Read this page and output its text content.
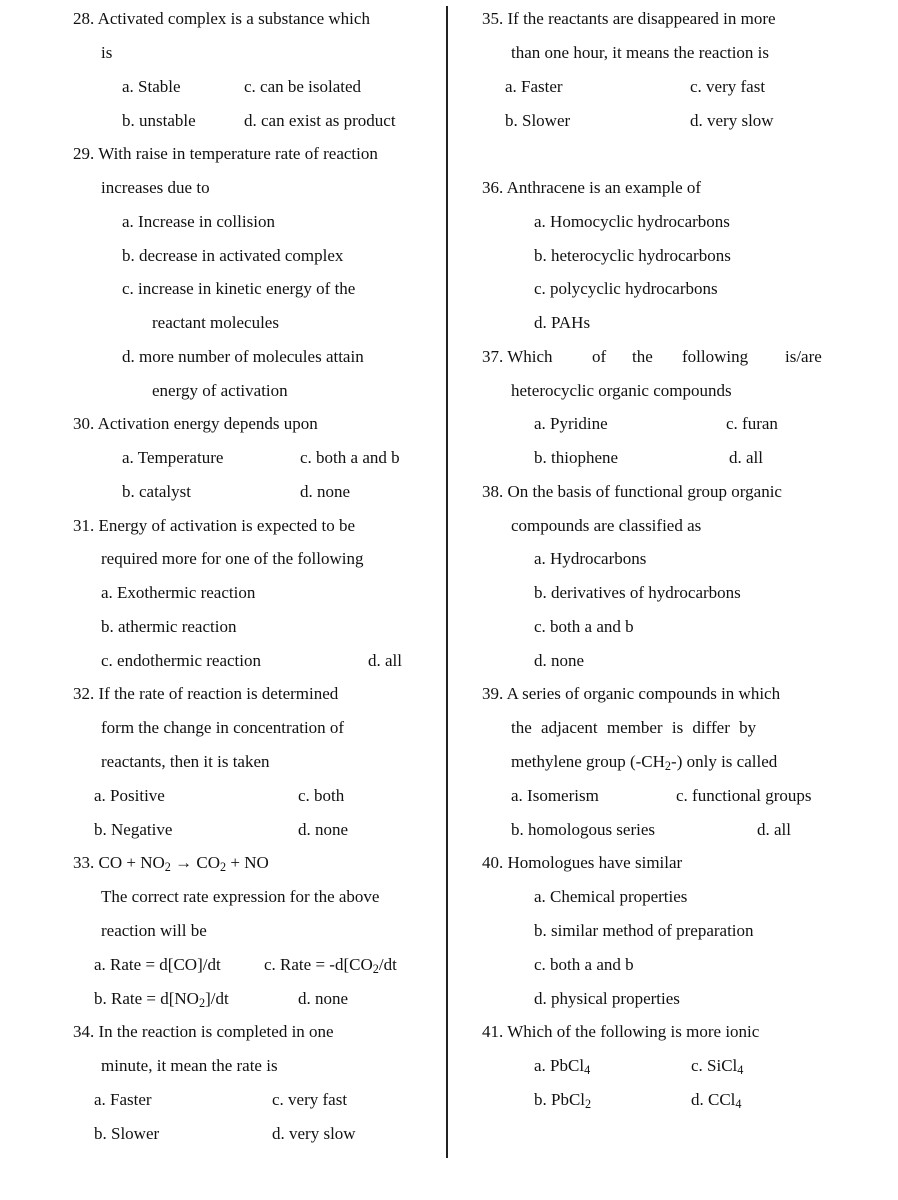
28. Activated complex is a substance which
is
a. Stable	c. can be isolated
b. unstable	d. can exist as product
29. With raise in temperature rate of reaction
increases due to
a. Increase in collision
b. decrease in activated complex
c. increase in kinetic energy of the
reactant molecules
d. more number of molecules attain
energy of activation
30. Activation energy depends upon
a. Temperature	c. both a and b
b. catalyst	d. none
31. Energy of activation is expected to be
required more for one of the following
a. Exothermic reaction
b. athermic reaction
c. endothermic reaction	d. all
32. If the rate of reaction is determined
form the change in concentration of
reactants, then it is taken
a. Positive	c. both
b. Negative	d. none
33. CO + $NO_2 \to CO_2$ + NO
The correct rate expression for the above
reaction will be
a. Rate = d[CO]/dt	c. Rate = $-d[CO_2/dt$
b. Rate = $d[NO_2]/dt$	d. none
34. In the reaction is completed in one
minute, it mean the rate is
a. Faster	c. very fast
b. Slower	d. very slow
35. If the reactants are disappeared in more
than one hour, it means the reaction is
a. Faster	c. very fast
b. Slower	d. very slow
36. Anthracene is an example of
a. Homocyclic hydrocarbons
b. heterocyclic hydrocarbons
c. polycyclic hydrocarbons
d. PAHs
37. Which of the following is/are
heterocyclic organic compounds
a. Pyridine	c. furan
b. thiophene	d. all
38. On the basis of functional group organic
compounds are classified as
a. Hydrocarbons
b. derivatives of hydrocarbons
c. both a and b
d. none
39. A series of organic compounds in which
the adjacent member is differ by
methylene group $(-CH_2-)$ only is called
a. Isomerism	c. functional groups
b. homologous series	d. all
40. Homologues have similar
a. Chemical properties
b. similar method of preparation
c. both a and b
d. physical properties
41. Which of the following is more ionic
a. PbCl$_4$	c. SiCl$_4$
b. PbCl$_2$	d. CCl$_4$
